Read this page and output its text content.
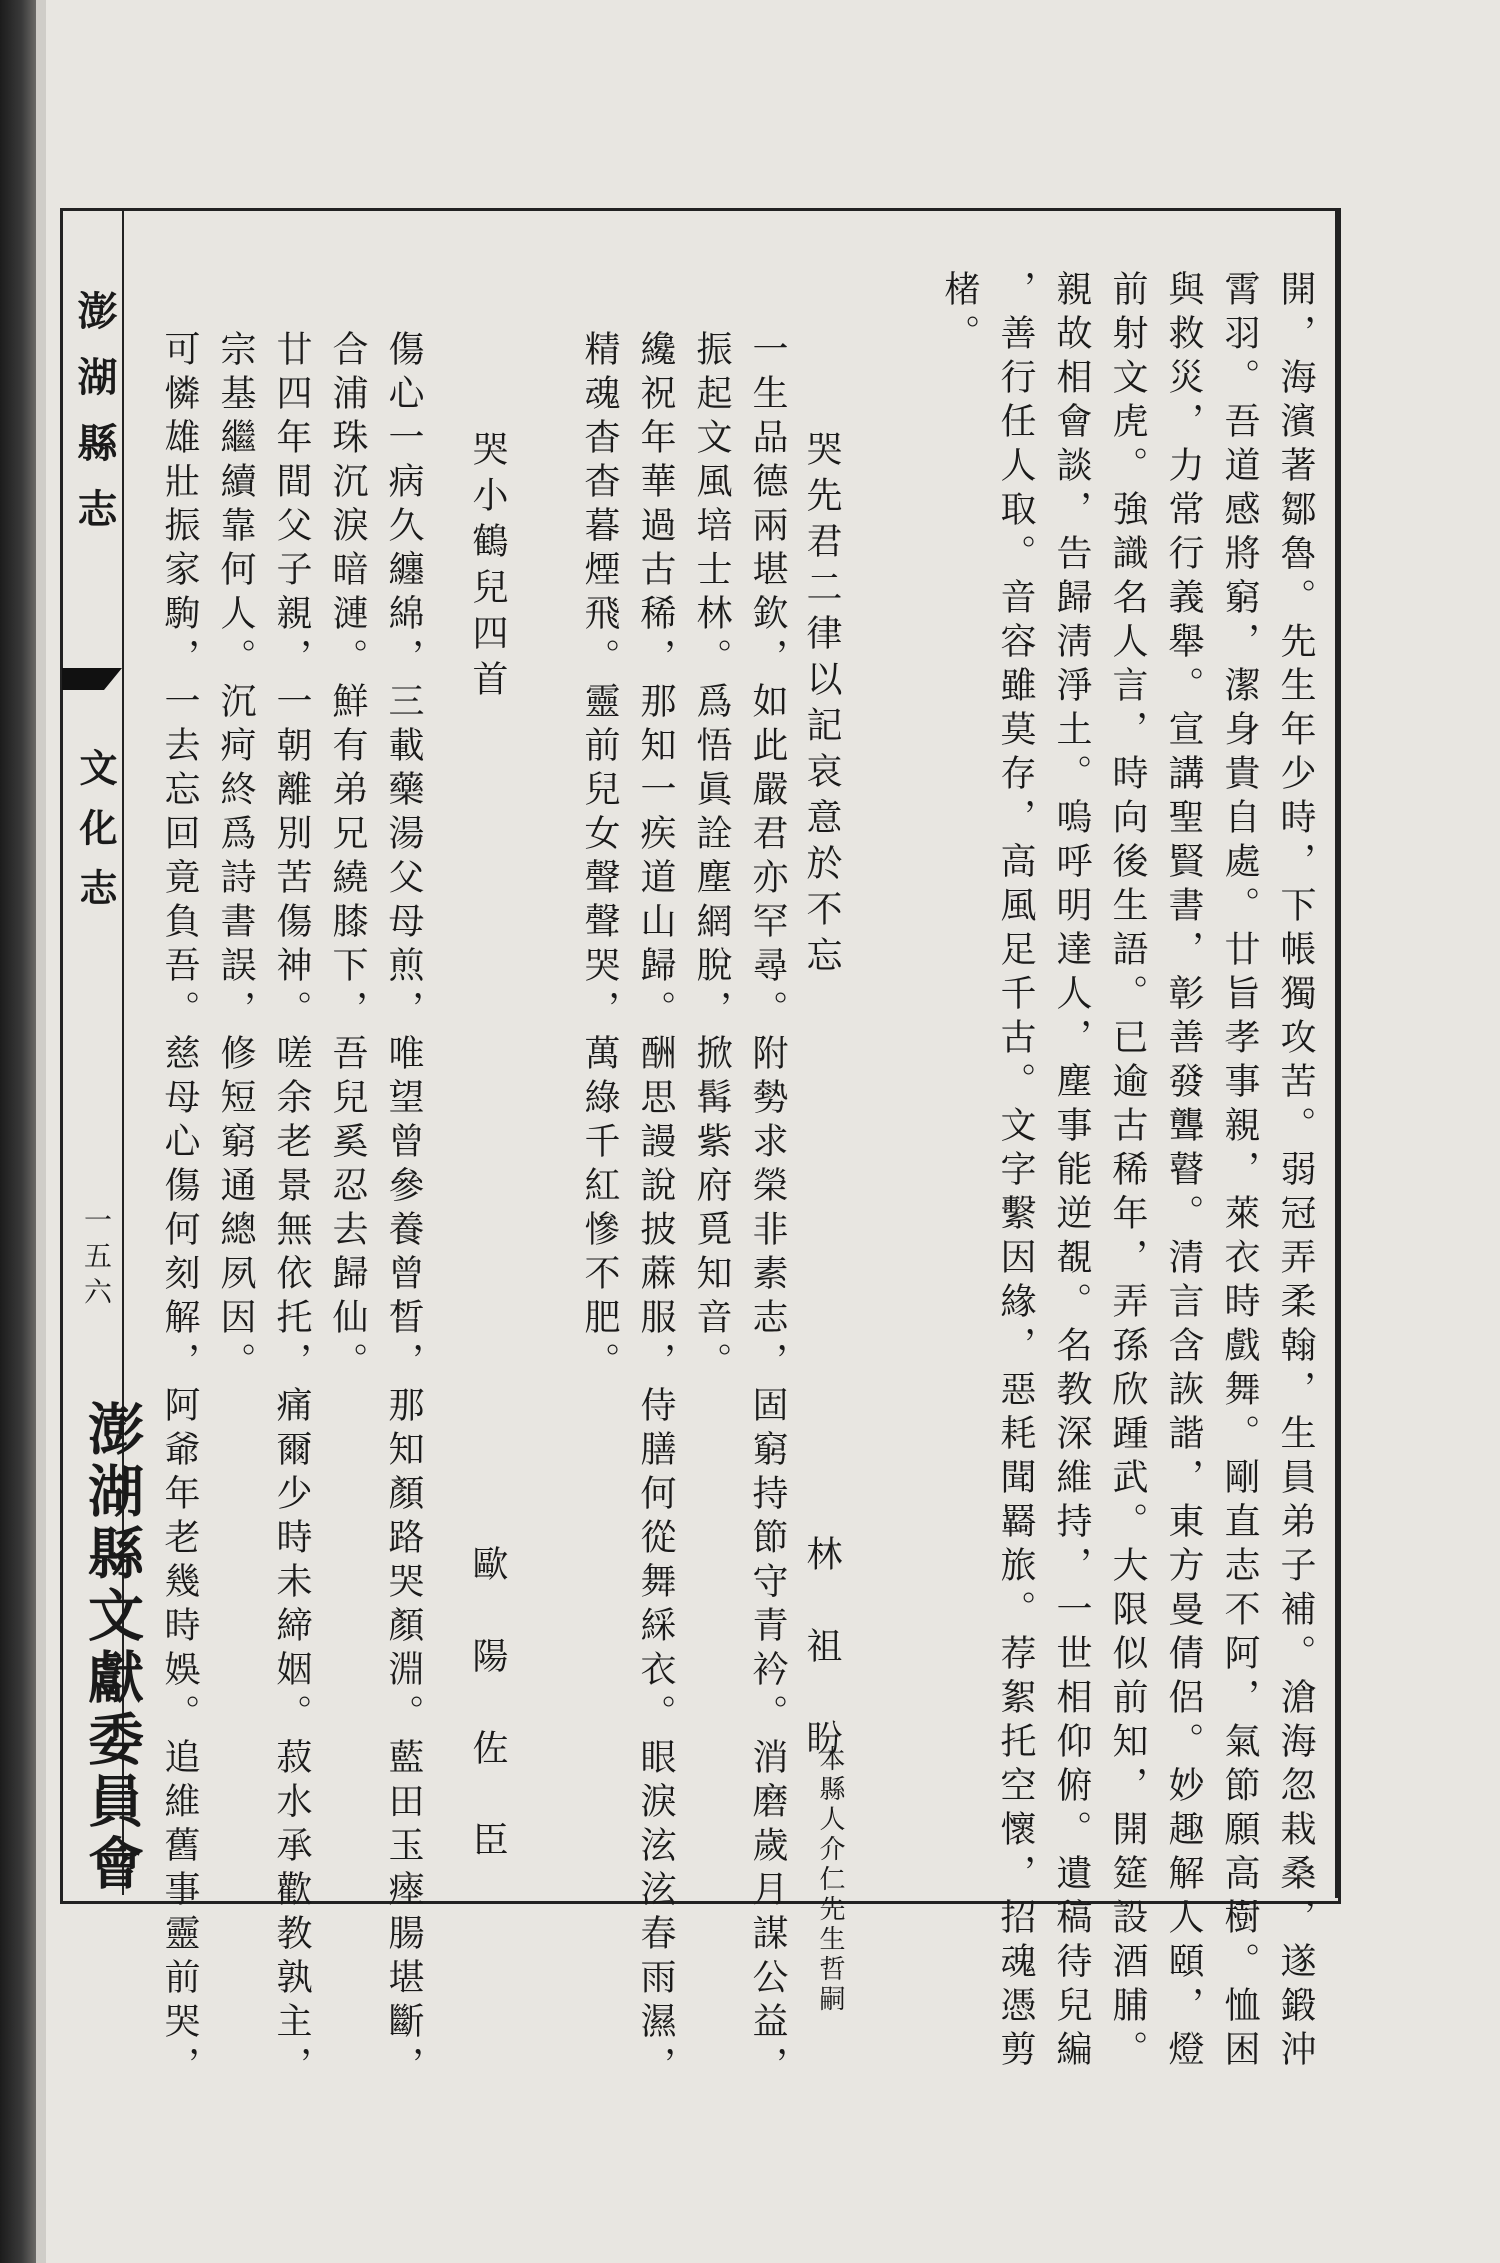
澎湖縣志
文化志
一五六
澎湖縣文獻委員會	開，海濱著鄒魯。先生年少時，下帳獨攻苦。弱冠弄柔翰，生員弟子補。滄海忽栽桑，遂鍛沖
霄羽。吾道感將窮，潔身貴自處。廿旨孝事親，萊衣時戲舞。剛直志不阿，氣節願高樹。恤困
與救災，力常行義舉。宣講聖賢書，彰善發聾瞽。清言含詼諧，東方曼倩侶。妙趣解人頤，燈
前射文虎。強識名人言，時向後生語。已逾古稀年，弄孫欣踵武。大限似前知，開筵設酒脯。
親故相會談，告歸淸淨土。嗚呼明達人，塵事能逆覩。名教深維持，一世相仰俯。遺稿待兒編
，善行任人取。音容雖莫存，高風足千古。文字繫因緣，惡耗聞羇旅。荐絮托空懷，招魂憑剪
楮。
哭先君二律以記哀意於不忘
林　祖　盼
本縣人介仁先生哲嗣
一生品德兩堪欽，如此嚴君亦罕尋。附勢求榮非素志，固窮持節守青衿。消磨歲月謀公益，
振起文風培士林。爲悟眞詮塵網脫，掀髯紫府覓知音。
纔祝年華過古稀，那知一疾道山歸。酬思謾說披蔴服，侍膳何從舞綵衣。眼淚泫泫春雨濕，
精魂杳杳暮煙飛。靈前兒女聲聲哭，萬綠千紅慘不肥。
哭小鶴兒四首
歐　陽　佐　臣
傷心一病久纏綿，三載藥湯父母煎，唯望曾參養曾晳，那知顏路哭顏淵。藍田玉瘞腸堪斷，
合浦珠沉淚暗漣。鮮有弟兄繞膝下，吾兒奚忍去歸仙。
廿四年間父子親，一朝離別苦傷神。嗟余老景無依托，痛爾少時未締姻。菽水承歡教孰主，
宗基繼續靠何人。沉疴終爲詩書誤，修短窮通總夙因。
可憐雄壯振家駒，一去忘回竟負吾。慈母心傷何刻解，阿爺年老幾時娛。追維舊事靈前哭，
